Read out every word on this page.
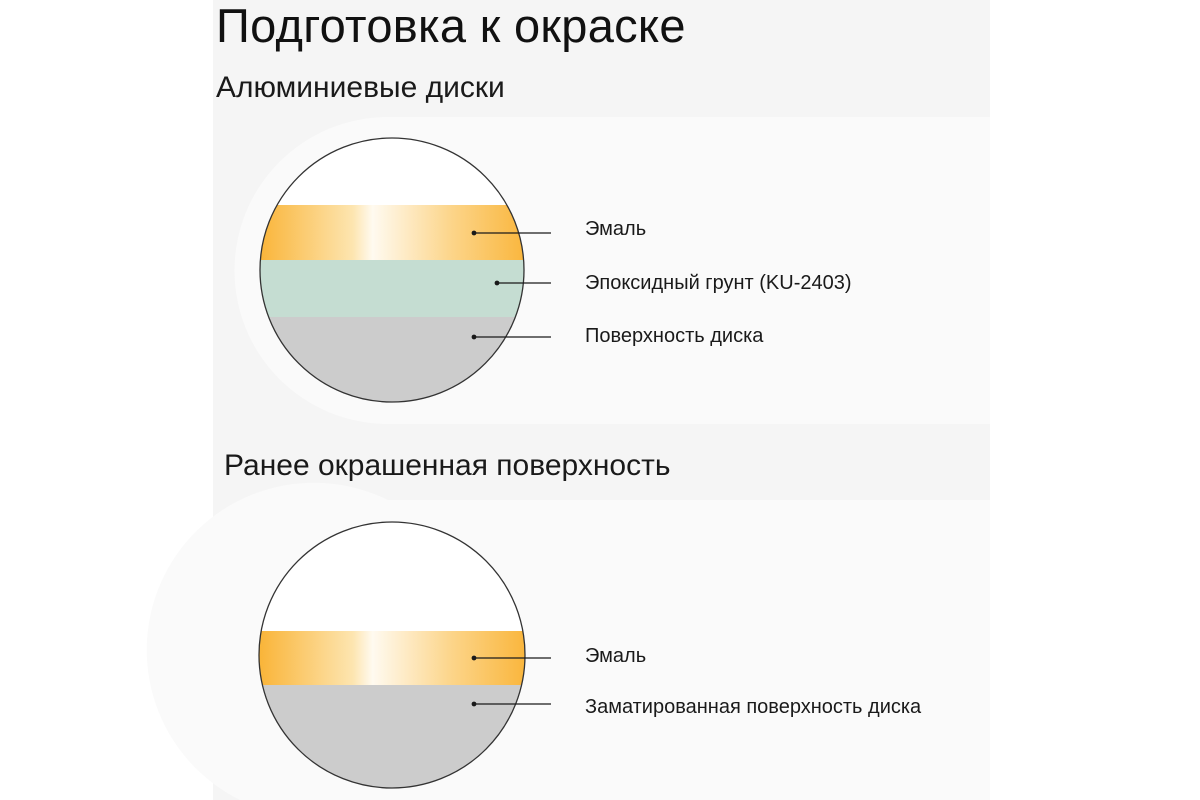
Подготовка к окраске
Алюминиевые диски
Ранее окрашенная поверхность
Эмаль
Эпоксидный грунт (KU-2403)
Поверхность диска
Эмаль
Заматированная поверхность диска
